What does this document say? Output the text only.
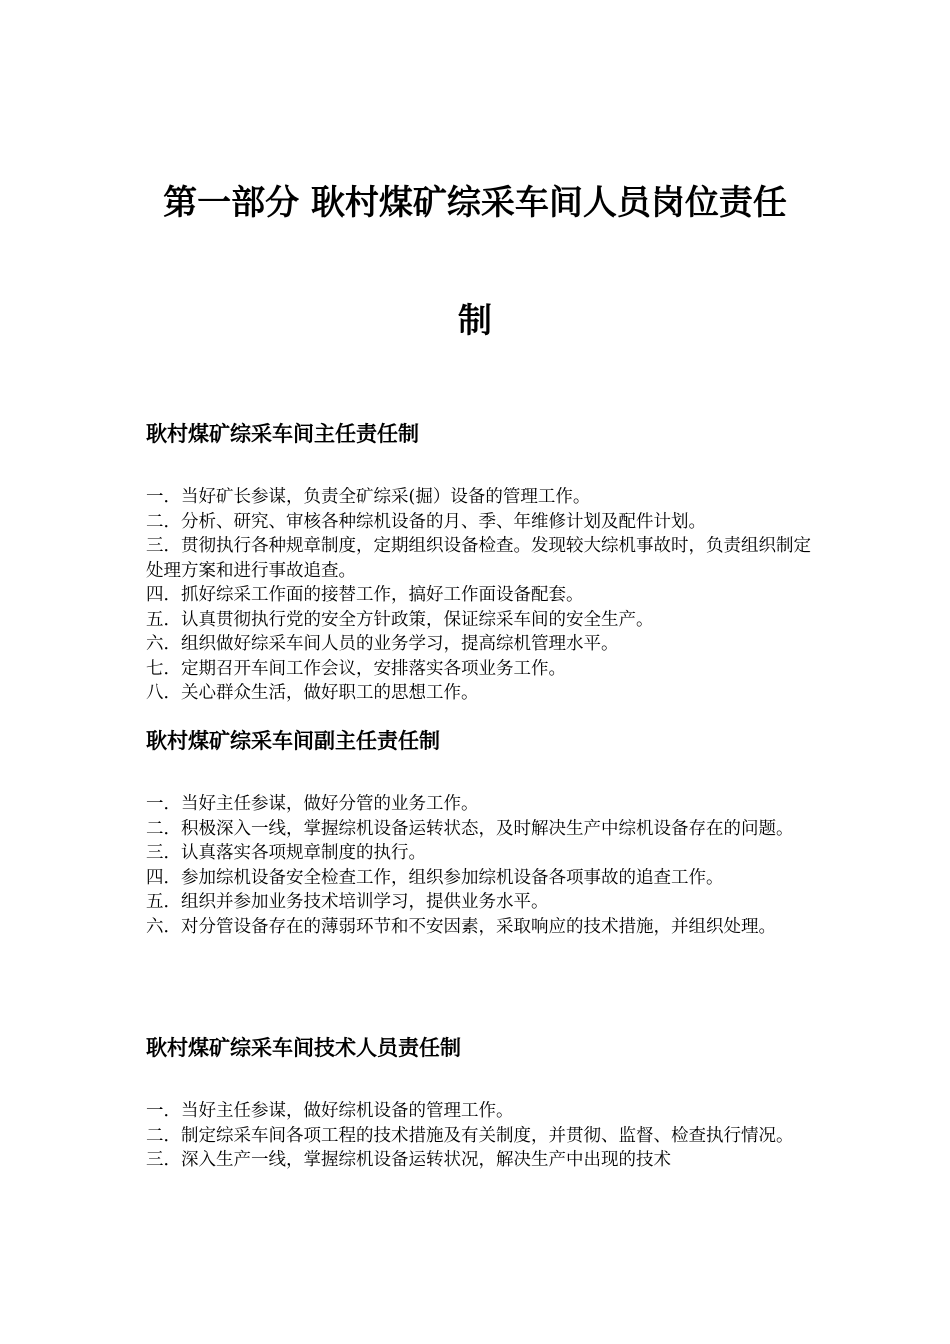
第一部分 耿村煤矿综采车间人员岗位责任
制
耿村煤矿综采车间主任责任制
一．当好矿长参谋，负责全矿综采(掘）设备的管理工作。
二．分析、研究、审核各种综机设备的月、季、年维修计划及配件计划。
三．贯彻执行各种规章制度，定期组织设备检查。发现较大综机事故时，负责组织制定处理方案和进行事故追查。
四．抓好综采工作面的接替工作，搞好工作面设备配套。
五．认真贯彻执行党的安全方针政策，保证综采车间的安全生产。
六．组织做好综采车间人员的业务学习，提高综机管理水平。
七．定期召开车间工作会议，安排落实各项业务工作。
八．关心群众生活，做好职工的思想工作。
耿村煤矿综采车间副主任责任制
一．当好主任参谋，做好分管的业务工作。
二．积极深入一线，掌握综机设备运转状态，及时解决生产中综机设备存在的问题。
三．认真落实各项规章制度的执行。
四．参加综机设备安全检查工作，组织参加综机设备各项事故的追查工作。
五．组织并参加业务技术培训学习，提供业务水平。
六．对分管设备存在的薄弱环节和不安因素，采取响应的技术措施，并组织处理。
耿村煤矿综采车间技术人员责任制
一．当好主任参谋，做好综机设备的管理工作。
二．制定综采车间各项工程的技术措施及有关制度，并贯彻、监督、检查执行情况。
三．深入生产一线，掌握综机设备运转状况，解决生产中出现的技术
